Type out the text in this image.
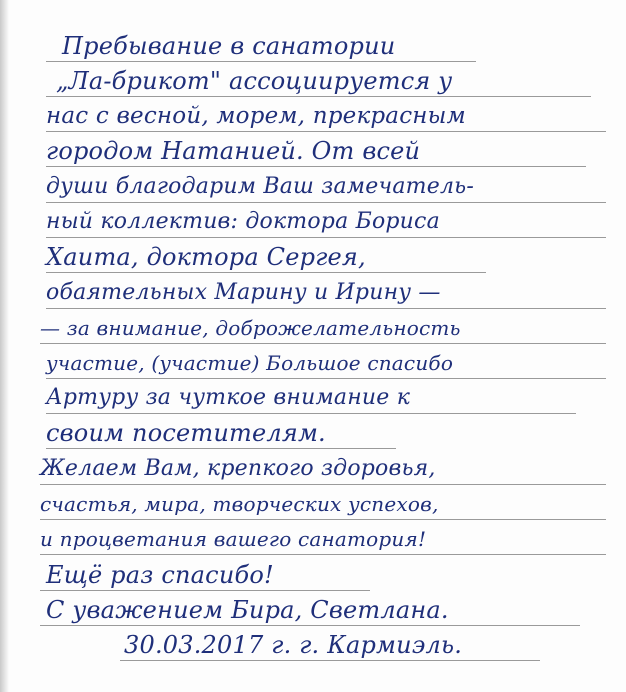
Пребывание в санатории
„Ла-брикот" ассоциируется у
нас с весной, морем, прекрасным
городом Натанией. От всей
души благодарим Ваш замечатель-
ный коллектив: доктора Бориса
Хаита, доктора Сергея,
обаятельных Марину и Ирину —
— за внимание, доброжелательность
участие, (участие) Большое спасибо
Артуру за чуткое внимание к
своим посетителям.
Желаем Вам, крепкого здоровья,
счастья, мира, творческих успехов,
и процветания вашего санатория!
Ещё раз спасибо!
С уважением Бира, Светлана.
30.03.2017 г. г. Кармиэль.
